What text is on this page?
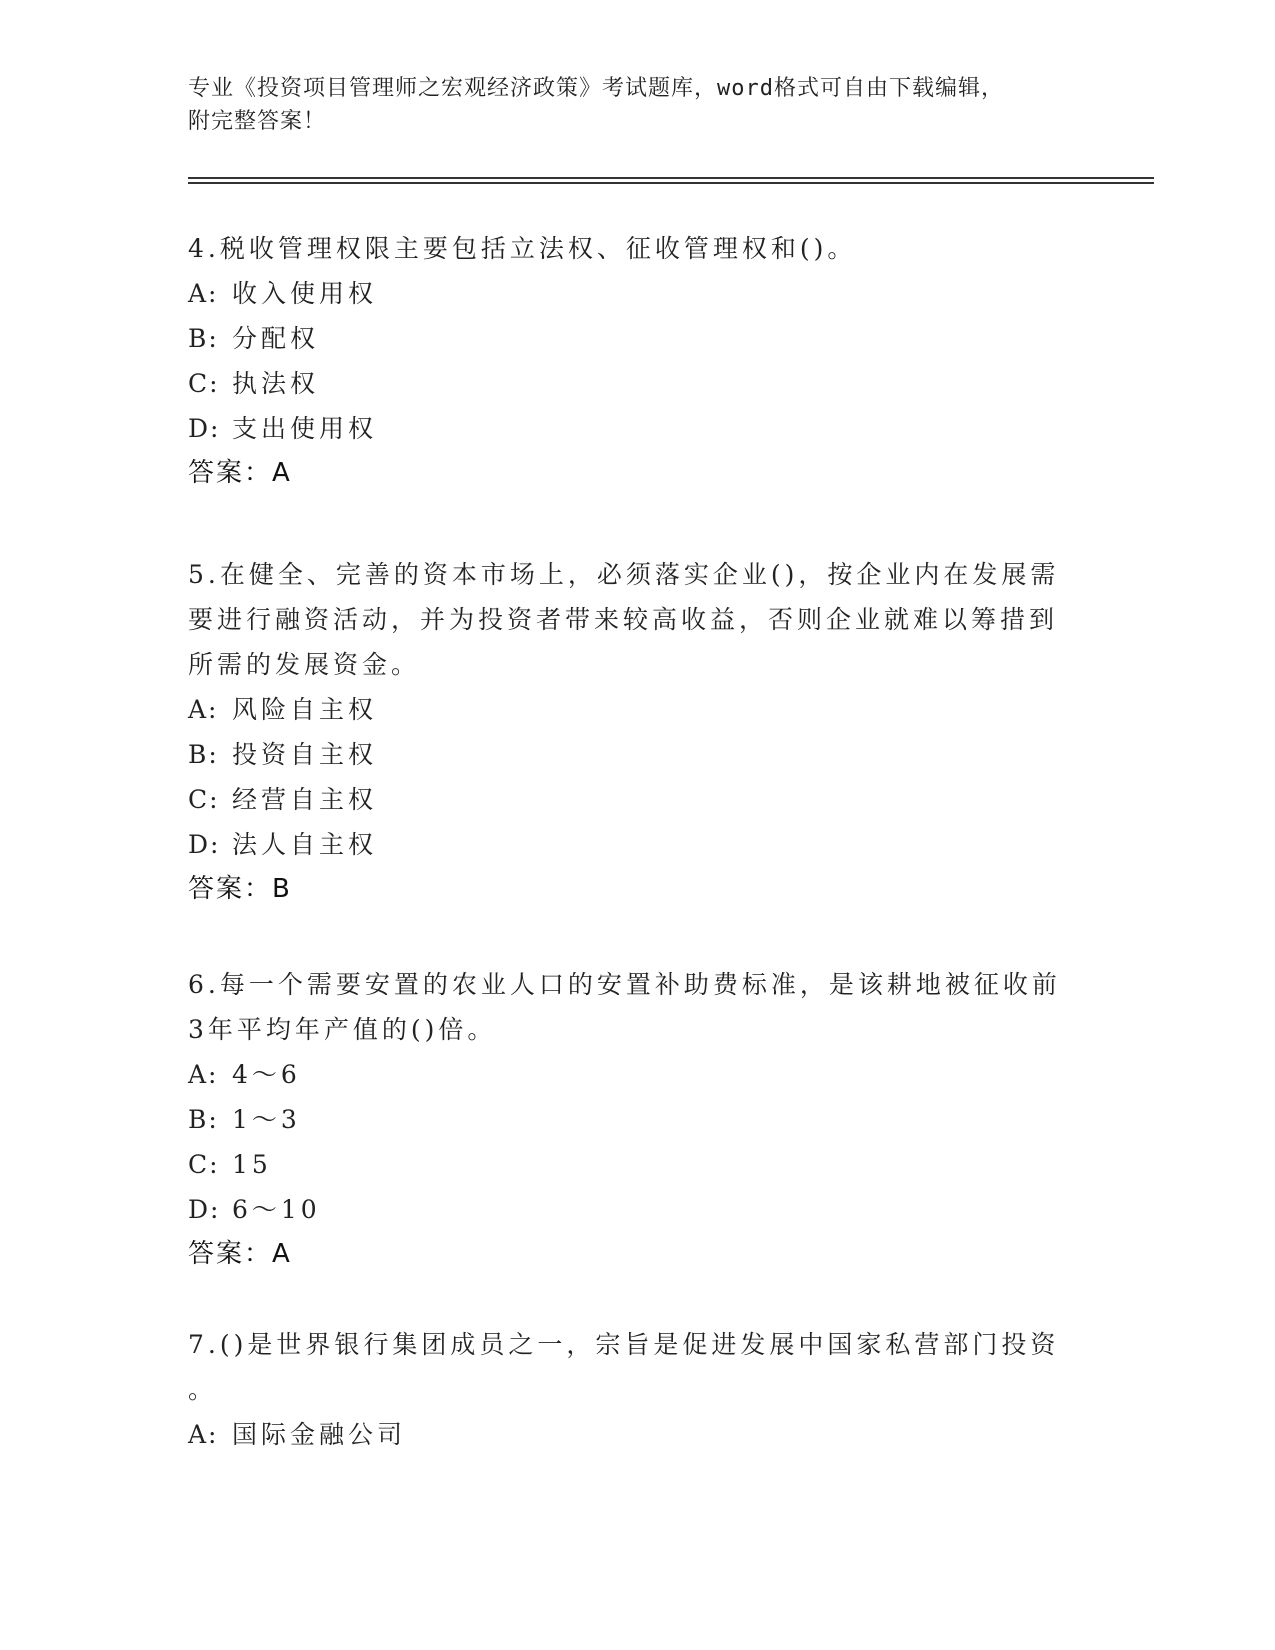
专业《投资项目管理师之宏观经济政策》考试题库，word格式可自由下载编辑，
附完整答案！

4.税收管理权限主要包括立法权、征收管理权和()。

A: 收入使用权

B: 分配权

C: 执法权

D: 支出使用权

答案：A

5.在健全、完善的资本市场上，必须落实企业()，按企业内在发展需

要进行融资活动，并为投资者带来较高收益，否则企业就难以筹措到

所需的发展资金。

A: 风险自主权

B: 投资自主权

C: 经营自主权

D: 法人自主权

答案：B

6.每一个需要安置的农业人口的安置补助费标准，是该耕地被征收前

3年平均年产值的()倍。

A: 4～6

B: 1～3

C: 15

D: 6～10

答案：A

7.()是世界银行集团成员之一，宗旨是促进发展中国家私营部门投资

。

A: 国际金融公司
